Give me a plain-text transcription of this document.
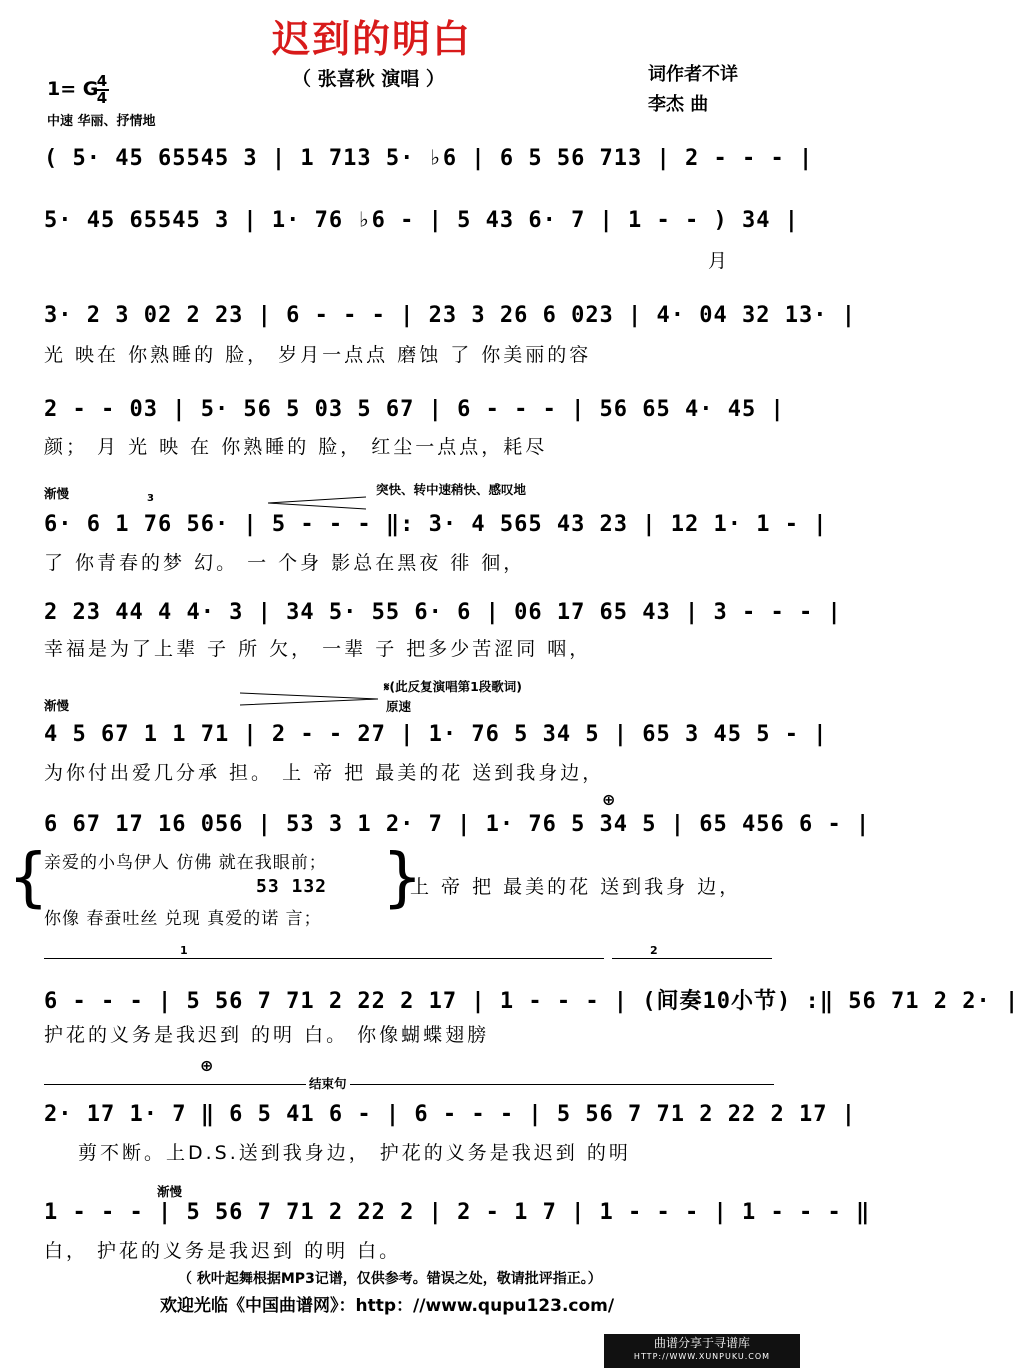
迟到的明白
（ 张喜秋 演唱 ）	词作者不详
李杰 曲
1= G
4
4
中速 华丽、抒情地
( 5· 45 65545 3 | 1 713 5· ♭6 | 6 5 56 713 | 2 - - - |
5· 45 65545 3 | 1· 76 ♭6 - | 5 43 6· 7 | 1 - - ) 34 |
月
3· 2 3 02 2 23 | 6 - - - | 23 3 26 6 023 | 4· 04 32 13· |
光 映在 你熟睡的 脸， 岁月一点点 磨蚀 了 你美丽的容
2 - - 03 | 5· 56 5 03 5 67 | 6 - - - | 56 65 4· 45 |
颜； 月 光 映 在 你熟睡的 脸， 红尘一点点，耗尽
渐慢	突快、转中速稍快、感叹地
3
6· 6 1 76 56· | 5 - - - ‖: 3· 4 565 43 23 | 12 1· 1 - |
了 你青春的梦 幻。 一 个身 影总在黑夜 徘 徊，
2 23 44 4 4· 3 | 34 5· 55 6· 6 | 06 17 65 43 | 3 - - - |
幸福是为了上辈 子 所 欠， 一辈 子 把多少苦涩同 咽，
渐慢
𝄋(此反复演唱第1段歌词)
原速
4 5 67 1 1 71 | 2 - - 27 | 1· 76 5 34 5 | 65 3 45 5 - |
为你付出爱几分承 担。 上 帝 把 最美的花 送到我身边，
⊕
6 67 17 16 056 | 53 3 1 2· 7 | 1· 76 5 34 5 | 65 456 6 - |
{
亲爱的小鸟伊人 仿佛 就在我眼前；
53 132
你像 春蚕吐丝 兑现 真爱的诺 言；
}
上 帝 把 最美的花 送到我身 边，
1	2
6 - - - | 5 56 7 71 2 22 2 17 | 1 - - - | (间奏10小节) :‖ 56 71 2 2· |
护花的义务是我迟到 的明 白。 你像蝴蝶翅膀
⊕
结束句
2· 17 1· 7 ‖ 6 5 41 6 - | 6 - - - | 5 56 7 71 2 22 2 17 |
剪不断。上D.S.送到我身边， 护花的义务是我迟到 的明
渐慢
1 - - - | 5 56 7 71 2 22 2 | 2 - 1 7 | 1 - - - | 1 - - - ‖
白， 护花的义务是我迟到 的明 白。
（ 秋叶起舞根据MP3记谱，仅供参考。错误之处，敬请批评指正。）
欢迎光临《中国曲谱网》：http：//www.qupu123.com/
曲谱分享于寻谱库
HTTP://WWW.XUNPUKU.COM
